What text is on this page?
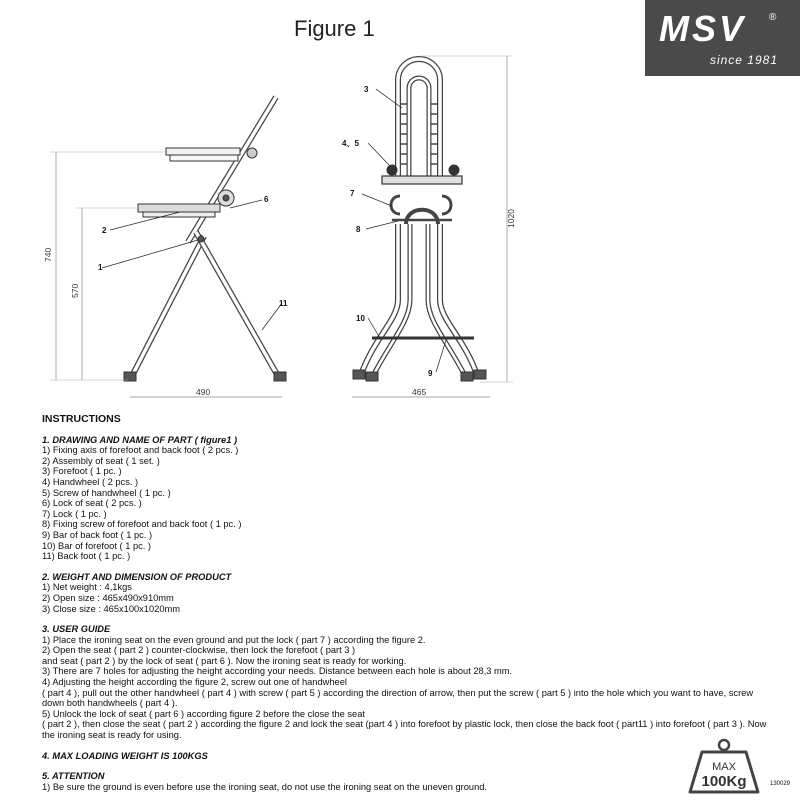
Figure 1	MSV ®
since 1981
740
570
490	465
1020
1
2
6
11
3
4、5
7
8
9
10
INSTRUCTIONS
1. DRAWING AND NAME OF PART ( figure1 )
1) Fixing axis of forefoot and back foot ( 2 pcs. )
2) Assembly of seat ( 1 set. )
3) Forefoot ( 1 pc. )
4) Handwheel ( 2 pcs. )
5) Screw of handwheel ( 1 pc. )
6) Lock of seat ( 2 pcs. )
7) Lock ( 1 pc. )
8) Fixing screw of forefoot and back foot ( 1 pc. )
9) Bar of back foot ( 1 pc. )
10) Bar of forefoot ( 1 pc. )
11) Back foot ( 1 pc. )
2. WEIGHT AND DIMENSION OF PRODUCT
1) Net weight : 4,1kgs
2) Open size : 465x490x910mm
3) Close size : 465x100x1020mm
3. USER GUIDE
1) Place the ironing seat on the even ground and put the lock ( part 7 ) according the figure 2.
2) Open the seat ( part 2 ) counter-clockwise, then lock the forefoot ( part 3 )
and seat ( part 2 ) by the lock of seat ( part 6 ). Now the ironing seat is ready for working.
3) There are 7 holes for adjusting the height according your needs. Distance between each hole is about 28,3 mm.
4) Adjusting the height according the figure 2, screw out one of handwheel
( part 4 ), pull out the other handwheel ( part 4 ) with screw ( part 5 ) according the direction of arrow, then put the screw ( part 5 ) into the hole which you want to have, screw down both handwheels ( part 4 ).
5) Unlock the lock of seat ( part 6 ) according figure 2 before the close the seat
( part 2 ), then close the seat ( part 2 ) according the figure 2 and lock the seat (part 4 ) into forefoot by plastic lock, then close the back foot ( part11 ) into forefoot ( part 3 ). Now the ironing seat is ready for using.
4. MAX LOADING WEIGHT IS 100KGS
5. ATTENTION
1) Be sure the ground is even before use the ironing seat, do not use the ironing seat on the uneven ground.
MAX
100Kg	130029
